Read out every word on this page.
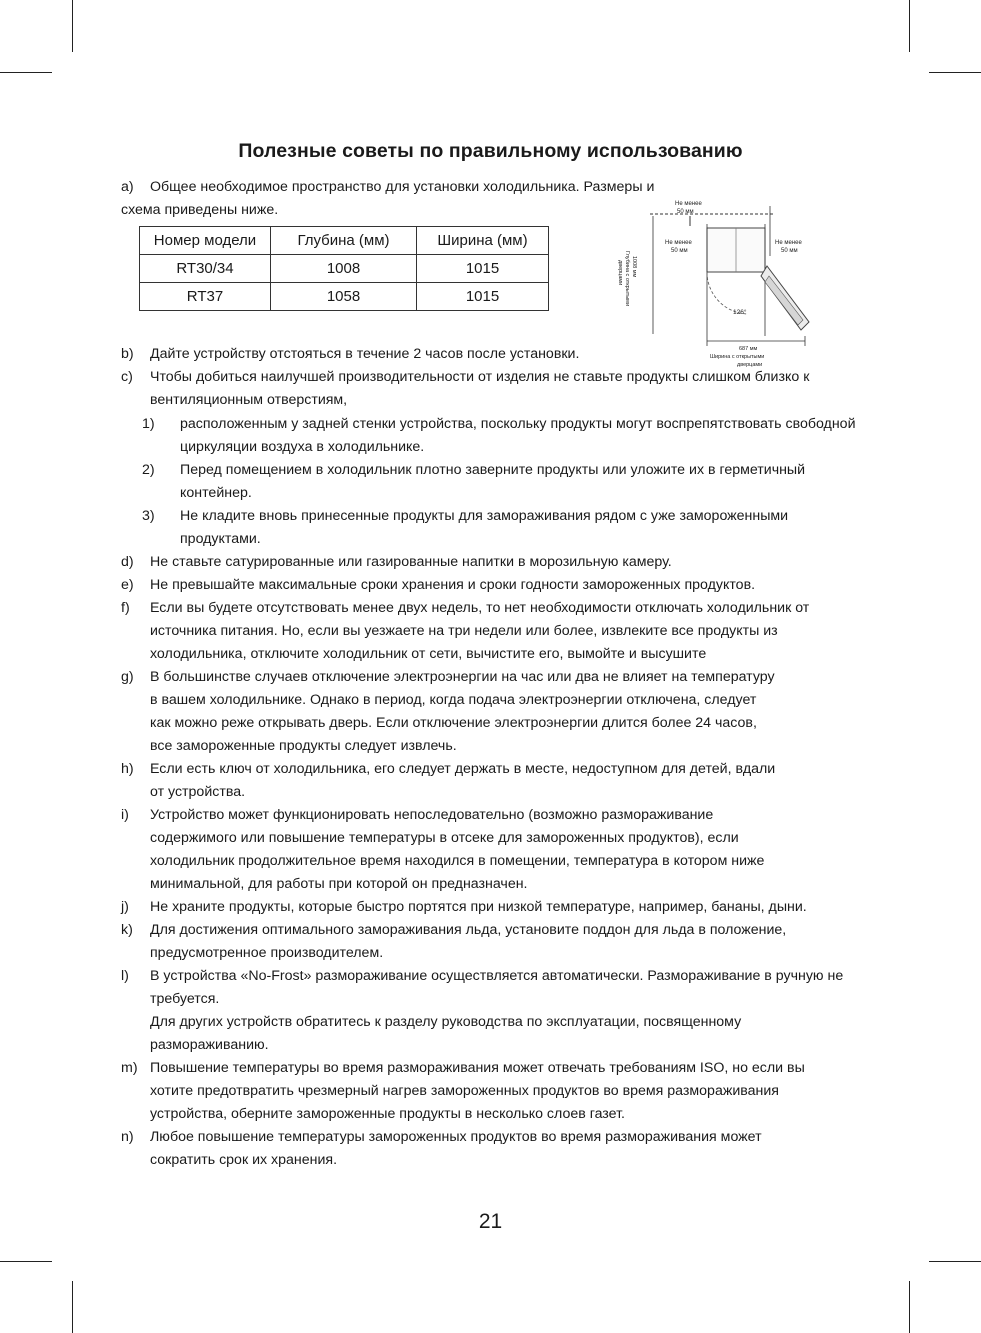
Полезные советы по правильному использованию
a) Общее необходимое пространство для установки холодильника. Размеры и
схема приведены ниже.
Номер модели	Глубина (мм)	Ширина (мм)
RT30/34	1008	1015
RT37	1058	1015
Не менее
50 мм
Не менее
50 мм
Не менее
50 мм
126°
1008 мм
Глубина с открытыми
дверцами
687 мм
Ширина с открытыми
дверцами
b) Дайте устройству отстояться в течение 2 часов после установки.
c) Чтобы добиться наилучшей производительности от изделия не ставьте продукты слишком близко к вентиляционным отверстиям,
1) расположенным у задней стенки устройства, поскольку продукты могут воспрепятствовать свободной циркуляции воздуха в холодильнике.
2) Перед помещением в холодильник плотно заверните продукты или уложите их в герметичный контейнер.
3) Не кладите вновь принесенные продукты для замораживания рядом с уже замороженными продуктами.
d) Не ставьте сатурированные или газированные напитки в морозильную камеру.
e) Не превышайте максимальные сроки хранения и сроки годности замороженных продуктов.
f) Если вы будете отсутствовать менее двух недель, то нет необходимости отключать холодильник от источника питания. Но, если вы уезжаете на три недели или более, извлеките все продукты из холодильника, отключите холодильник от сети, вычистите его, вымойте и высушите
g) В большинстве случаев отключение электроэнергии на час или два не влияет на температуру в вашем холодильнике. Однако в период, когда подача электроэнергии отключена, следует как можно реже открывать дверь. Если отключение электроэнергии длится более 24 часов, все замороженные продукты следует извлечь.
h) Если есть ключ от холодильника, его следует держать в месте, недоступном для детей, вдали от устройства.
i) Устройство может функционировать непоследовательно (возможно размораживание содержимого или повышение температуры в отсеке для замороженных продуктов), если холодильник продолжительное время находился в помещении, температура в котором ниже минимальной, для работы при которой он предназначен.
j) Не храните продукты, которые быстро портятся при низкой температуре, например, бананы, дыни.
k) Для достижения оптимального замораживания льда, установите поддон для льда в положение, предусмотренное производителем.
l) В устройства «No-Frost» размораживание осуществляется автоматически. Размораживание в ручную не требуется.
Для других устройств обратитесь к разделу руководства по эксплуатации, посвященному размораживанию.
m) Повышение температуры во время размораживания может отвечать требованиям ISO, но если вы хотите предотвратить чрезмерный нагрев замороженных продуктов во время размораживания устройства, оберните замороженные продукты в несколько слоев газет.
n) Любое повышение температуры замороженных продуктов во время размораживания может сократить срок их хранения.
21
